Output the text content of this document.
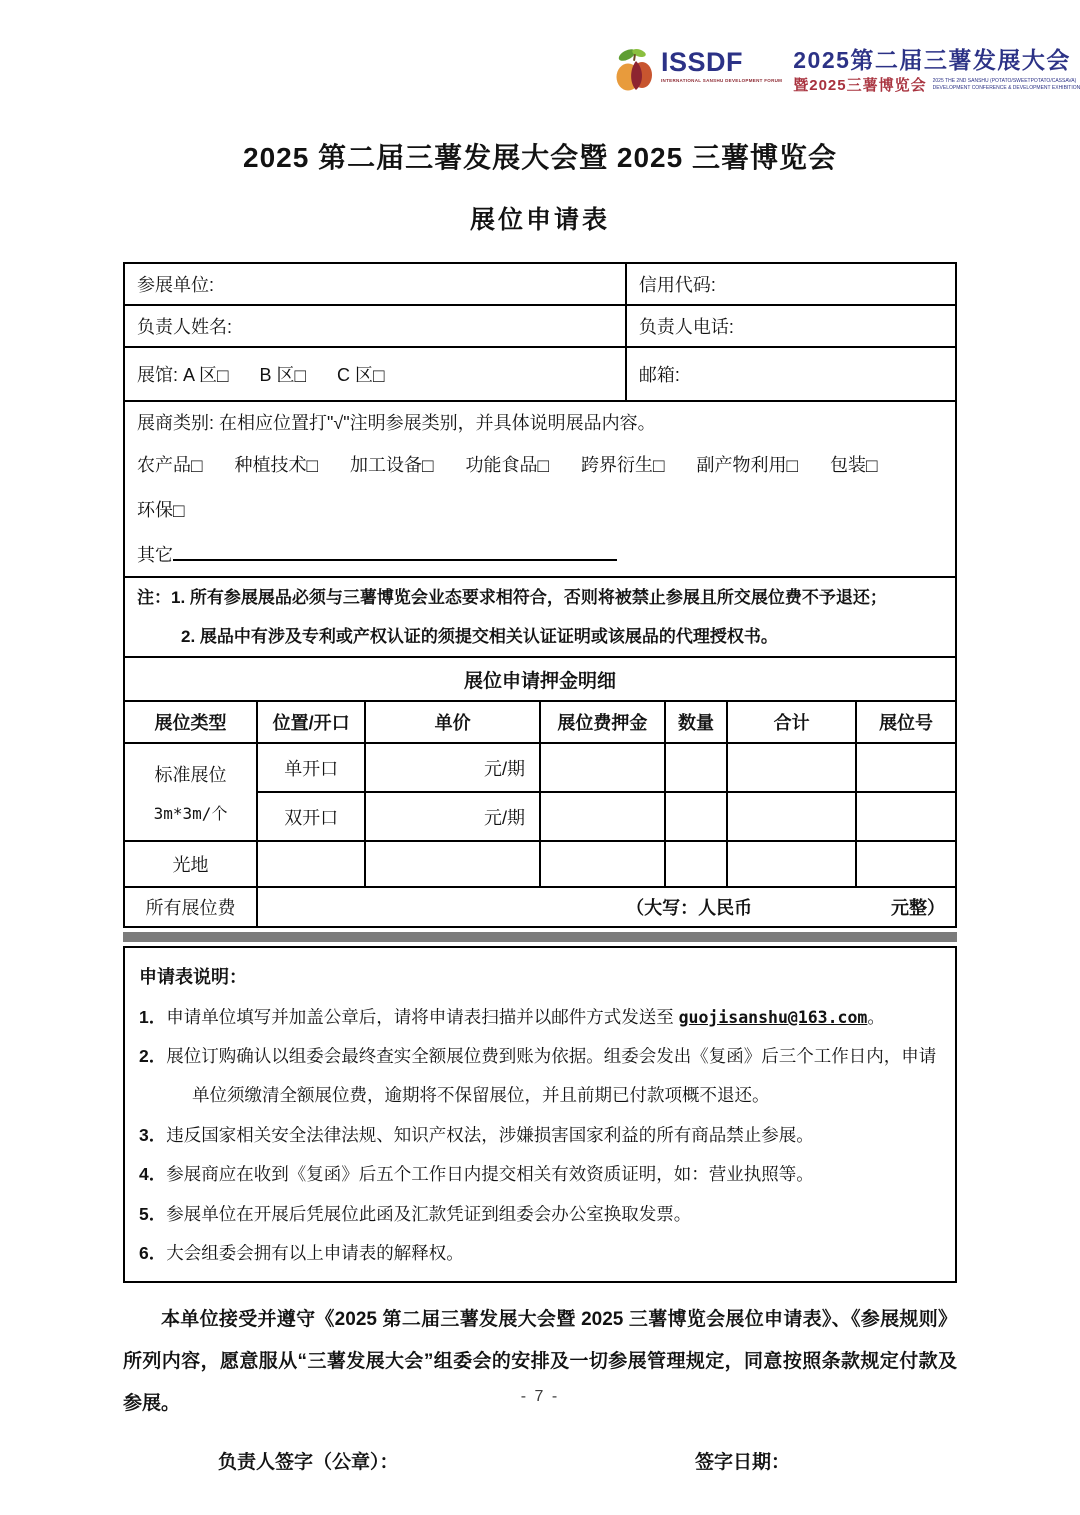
ISSDF
INTERNATIONAL SANSHU DEVELOPMENT FORUM
2025第二届三薯发展大会
暨2025三薯博览会 2025 THE 2ND SANSHU (POTATO/SWEETPOTATO/CASSAVA)
DEVELOPMENT CONFERENCE & DEVELOPMENT EXHIBITION
2025 第二届三薯发展大会暨 2025 三薯博览会
展位申请表
参展单位:	信用代码:
负责人姓名:	负责人电话:
展馆: A 区□ B 区□ C 区□	邮箱:

展商类别: 在相应位置打"√"注明参展类别，并具体说明展品内容。
农产品□ 种植技术□ 加工设备□ 功能食品□ 跨界衍生□ 副产物利用□ 包装□ 环保□
其它	

注：1. 所有参展展品必须与三薯博览会业态要求相符合，否则将被禁止参展且所交展位费不予退还；
2. 展品中有涉及专利或产权认证的须提交相关认证证明或该展品的代理授权书。	
展位申请押金明细						
展位类型	位置/开口	单价	展位费押金	数量	合计	展位号

标准展位
3m*3m/个	单开口	元/期				
	双开口	元/期				
光地						
所有展位费	（大写：人民币 元整）					
申请表说明：
1．申请单位填写并加盖公章后，请将申请表扫描并以邮件方式发送至 guojisanshu@163.com。
2．展位订购确认以组委会最终查实全额展位费到账为依据。组委会发出《复函》后三个工作日内，申请单位须缴清全额展位费，逾期将不保留展位，并且前期已付款项概不退还。
3．违反国家相关安全法律法规、知识产权法，涉嫌损害国家利益的所有商品禁止参展。
4．参展商应在收到《复函》后五个工作日内提交相关有效资质证明，如：营业执照等。
5．参展单位在开展后凭展位此函及汇款凭证到组委会办公室换取发票。
6．大会组委会拥有以上申请表的解释权。
本单位接受并遵守《2025 第二届三薯发展大会暨 2025 三薯博览会展位申请表》、《参展规则》所列内容，愿意服从“三薯发展大会”组委会的安排及一切参展管理规定，同意按照条款规定付款及参展。
负责人签字（公章）：	签字日期：
- 7 -
